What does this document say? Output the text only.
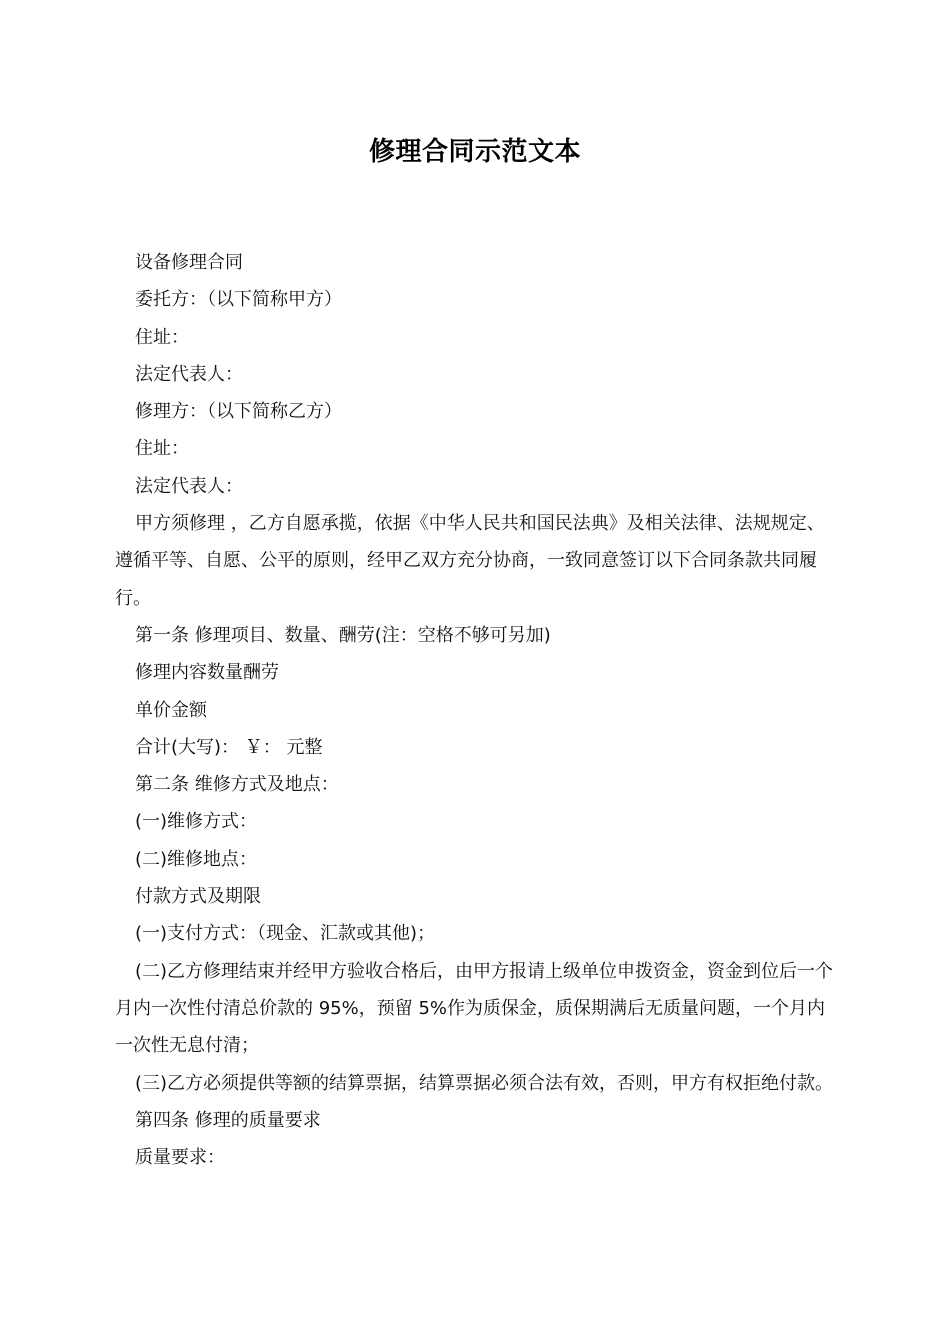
修理合同示范文本

设备修理合同

委托方：（以下简称甲方）

住址：

法定代表人：

修理方：（以下简称乙方）

住址：

法定代表人：

甲方须修理 ，乙方自愿承揽，依据《中华人民共和国民法典》及相关法律、法规规定、遵循平等、自愿、公平的原则，经甲乙双方充分协商，一致同意签订以下合同条款共同履行。

第一条 修理项目、数量、酬劳(注：空格不够可另加)

修理内容数量酬劳

单价金额

合计(大写)： ￥： 元整

第二条 维修方式及地点：

(一)维修方式：

(二)维修地点：

付款方式及期限

(一)支付方式：（现金、汇款或其他)；

(二)乙方修理结束并经甲方验收合格后，由甲方报请上级单位申拨资金，资金到位后一个月内一次性付清总价款的 95%，预留 5%作为质保金，质保期满后无质量问题，一个月内一次性无息付清；

(三)乙方必须提供等额的结算票据，结算票据必须合法有效，否则，甲方有权拒绝付款。

第四条 修理的质量要求

质量要求：
